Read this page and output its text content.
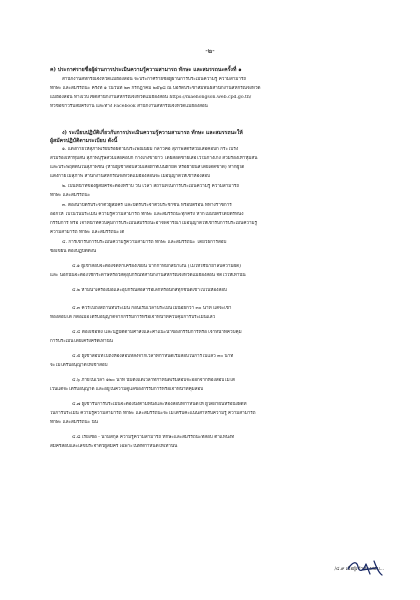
-๒-
ค) ประกาศรายชื่อผู้ผ่านการประเมินความรู้ความสามารถ ทักษะ และสมรรถนะครั้งที่ ๑
สำนักงานสหกรณ์จังหวัดแม่ฮ่องสอน จะประกาศรายชื่อผู้ผ่านการประเมินความรู้ ความสามารถ
ทักษะ และสมรรถนะ ครั้งที่ ๑ ในวันที่ ๒๓ กรกฎาคม ๒๕๖๘ ณ บอร์ดประชาสัมพันธ์สำนักงานสหกรณ์จังหวัด
แม่ฮ่องสอน ทางเว็บไซต์สำนักงานสหกรณ์จังหวัดแม่ฮ่องสอน https://maehongson.web.cpd.go.th/
หัวข้อข่าวรับสมัครงาน และทาง Facebook สำนักงานสหกรณ์จังหวัดแม่ฮ่องสอน
ง) ระเบียบปฏิบัติเกี่ยวกับการประเมินความรู้ความสามารถ ทักษะ และสมรรถนะให้
ผู้สมัครปฏิบัติตามระเบียบ ดังนี้
๑. แต่งกายให้สุภาพเรียบร้อยตามประเพณีนิยม กล่าวคือ สุภาพสตรีสวมเสื้อคอปก กระโปรง
สวมรองเท้าหุ้มส้น สุภาพบุรุษสวมเสื้อคอปก กางเกงขายาว โดยสอดชายเสื้อไว้ในกางเกง สวมรองเท้าหุ้มส้น
และประพฤติตนในสุภาพชน (ห้ามผู้เข้าสอบสวมเสื้อผ้าที่เป็นผ้ายืด หรือผ้ายีนส์โดยเด็ดขาด) หากผู้ใด
แต่งกายไม่สุภาพ สำนักงานสหกรณ์จังหวัดแม่ฮ่องสอนจะไม่อนุญาตให้เข้าห้องสอบ
๒. เป็นหน้าที่ของผู้สมัครจะต้องทราบ วัน เวลา สถานที่ในการประเมินความรู้ ความสามารถ
ทักษะ และสมรรถนะ
๓. ต้องนำบัตรประจำตัวผู้สมัคร และบัตรประจำตัวประชาชน หรือบัตรอื่น ที่ทางราชการ
ออกให้ ไปในวันประเมิน ความรู้ความสามารถ ทักษะ และสมรรถนะทุกครั้ง หากไม่มีบัตรใดบัตรหนึ่ง
กรรมการ หรือ เจ้าหน้าที่ควบคุมการประเมินสมรรถนะอาจพิจารณาไม่อนุญาตให้เข้ารับการประเมินความรู้
ความสามารถ ทักษะ และสมรรถนะได้
๔. การเข้ารับการประเมินความรู้ความสามารถ ทักษะ และสมรรถนะ โดยวิธีการสอบ
ข้อเขียน ต้องปฏิบัติดังนี้
๔.๑ ผู้เข้าสอบจะต้องจัดหาเครื่องเขียน ปากกาหมึกสีน้ำเงิน (ไม่ให้ใช้น้ำยาลบความผิด)
และ นอกนั้นจะต้องใช้กระดาษหรือวัสดุอุปกรณ์ที่สำนักงานสหกรณ์จังหวัดแม่ฮ่องสอน จัดไว้ให้เท่านั้น
๔.๒ ห้ามนำเครื่องมือและอุปกรณ์สื่อสารอิเล็กทรอนิกส์ทุกชนิดเข้าไปในห้องสอบ
๔.๓ ควรไปถึงสถานที่ประเมิน ก่อนเริ่มเวลาประเมินไม่น้อยกว่า ๓๐ นาที แต่จะเข้า
ห้องสอบได้ ก็ต่อเมื่อได้รับอนุญาตจากกรรมการหรือเจ้าหน้าที่ควบคุมการประเมินแล้ว
๔.๔ ต้องเชื่อฟัง และปฏิบัติตามคำสั่งและคำแนะนำของกรรมการหรือ เจ้าหน้าที่ควบคุม
การประเมินโดยเคร่งครัดเท่านั้น
๔.๕ ผู้เข้าสอบที่ไปถึงห้องสอบหลังจากเวลาที่กำหนดเริ่มสอบในการไปแล้ว ๓๐ นาที
จะไม่ได้รับอนุญาตให้เข้าสอบ
๔.๖ ภายในเวลา ๑๒๐ นาที นับตั้งแต่เวลาที่กำหนดเริ่มสอบจะออกจากห้องสอบไม่ได้
เว้นแต่จะได้รับอนุญาต และอยู่ในความดูแลของกรรมการหรือเจ้าหน้าที่คุมสอบ
๔.๗ ผู้เข้ารับการประเมินจะต้องนั่งตามที่นั่งและห้องสอบที่กำหนดให้ ผู้ใดฝ่าฝืนหรือนั่งผิดที่
ในการประเมิน ความรู้ความสามารถ ทักษะ และสมรรถนะจะไม่ได้รับคะแนนสำหรับความรู้ ความสามารถ
ทักษะ และสมรรถนะ นั้น
๔.๘ เรียงชื่อ - นามสกุล ความรู้ความสามารถ ทักษะและสมรรถนะที่สอบ ตำแหน่งที่
สมัครสอบและเลขประจำตัวผู้สมัคร เฉพาะในที่ที่กำหนดให้เท่านั้น
/๔.๙ เมื่อผู้เข้าห้องสอบ...
